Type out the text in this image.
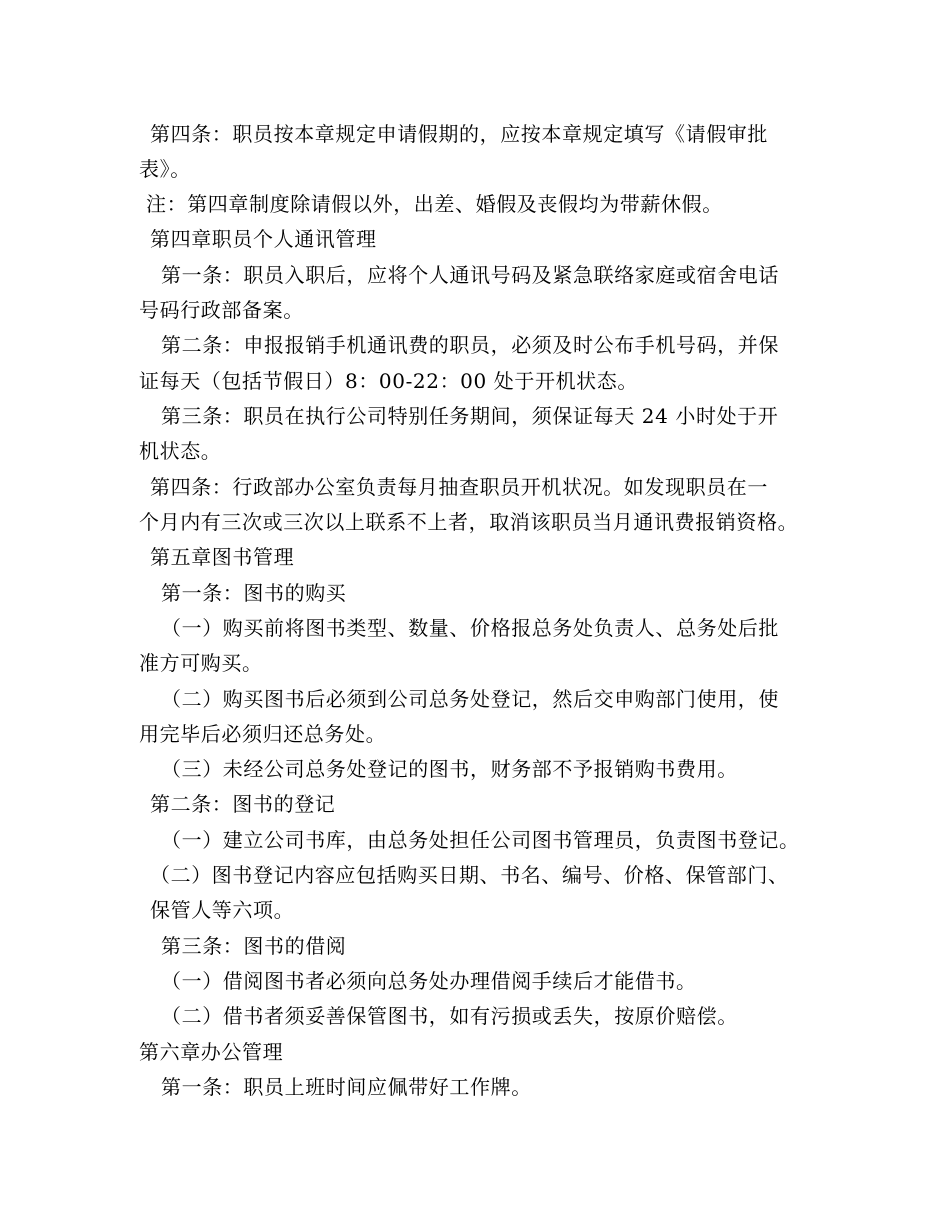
第四条：职员按本章规定申请假期的，应按本章规定填写《请假审批
表》。
注：第四章制度除请假以外，出差、婚假及丧假均为带薪休假。
第四章职员个人通讯管理
第一条：职员入职后，应将个人通讯号码及紧急联络家庭或宿舍电话
号码行政部备案。
第二条：申报报销手机通讯费的职员，必须及时公布手机号码，并保
证每天（包括节假日）8：00-22：00 处于开机状态。
第三条：职员在执行公司特别任务期间，须保证每天 24 小时处于开
机状态。
第四条：行政部办公室负责每月抽查职员开机状况。如发现职员在一
个月内有三次或三次以上联系不上者，取消该职员当月通讯费报销资格。
第五章图书管理
第一条：图书的购买
（一）购买前将图书类型、数量、价格报总务处负责人、总务处后批
准方可购买。
（二）购买图书后必须到公司总务处登记，然后交申购部门使用，使
用完毕后必须归还总务处。
（三）未经公司总务处登记的图书，财务部不予报销购书费用。
第二条：图书的登记
（一）建立公司书库，由总务处担任公司图书管理员，负责图书登记。
（二）图书登记内容应包括购买日期、书名、编号、价格、保管部门、
保管人等六项。
第三条：图书的借阅
（一）借阅图书者必须向总务处办理借阅手续后才能借书。
（二）借书者须妥善保管图书，如有污损或丢失，按原价赔偿。
第六章办公管理
第一条：职员上班时间应佩带好工作牌。
